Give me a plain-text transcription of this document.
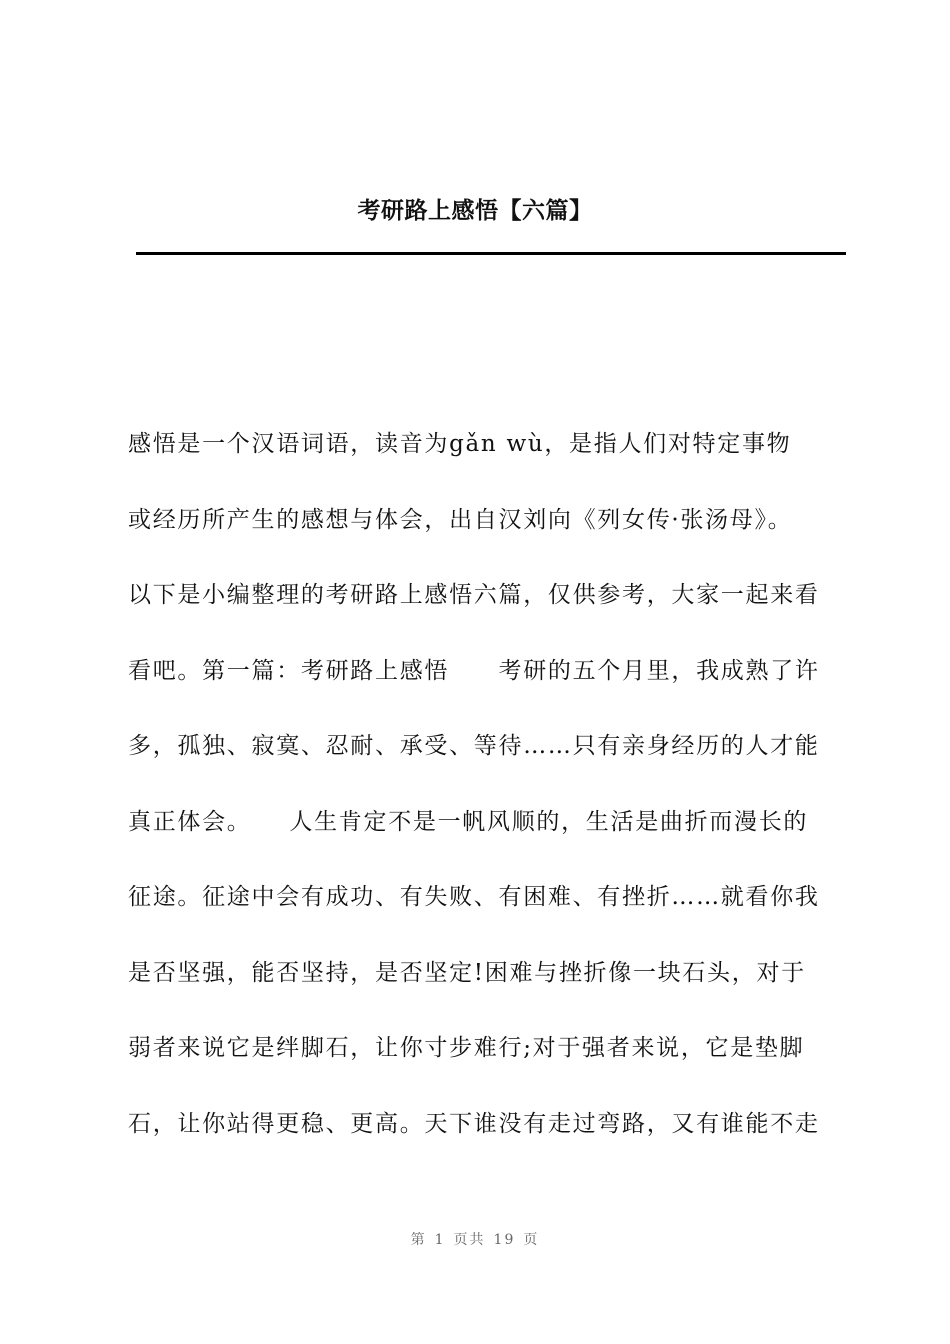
考研路上感悟【六篇】
感悟是一个汉语词语，读音为gǎn wù，是指人们对特定事物
或经历所产生的感想与体会，出自汉刘向《列女传·张汤母》。
以下是小编整理的考研路上感悟六篇，仅供参考，大家一起来看
看吧。第一篇：考研路上感悟　　考研的五个月里，我成熟了许
多，孤独、寂寞、忍耐、承受、等待……只有亲身经历的人才能
真正体会。　　人生肯定不是一帆风顺的，生活是曲折而漫长的
征途。征途中会有成功、有失败、有困难、有挫折……就看你我
是否坚强，能否坚持，是否坚定!困难与挫折像一块石头，对于
弱者来说它是绊脚石，让你寸步难行;对于强者来说，它是垫脚
石，让你站得更稳、更高。天下谁没有走过弯路，又有谁能不走
第 1 页共 19 页
